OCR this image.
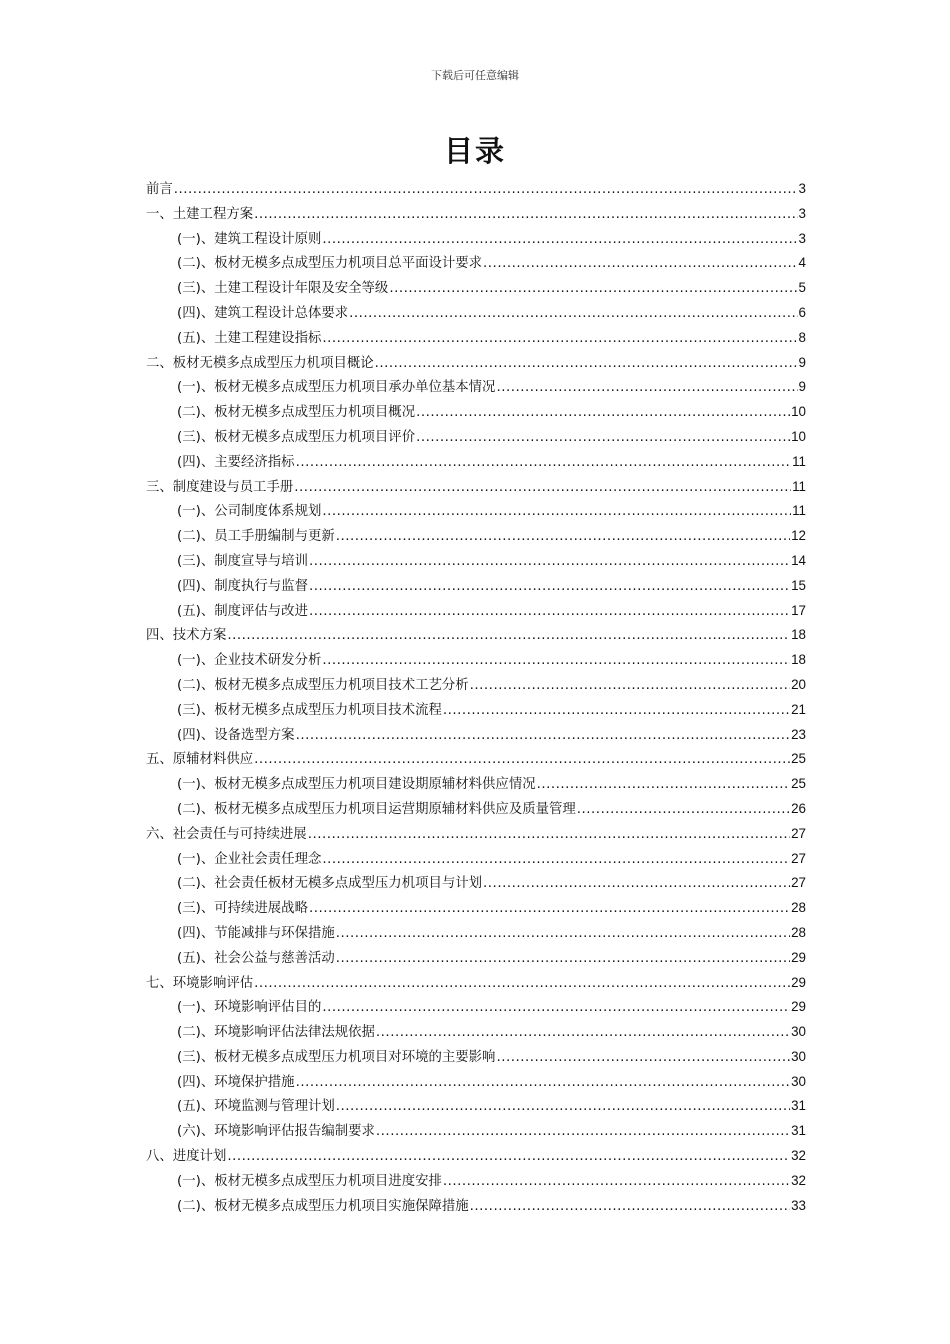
下载后可任意编辑
目录
前言 .....	3
一、土建工程方案 .....	3
(一)、建筑工程设计原则 .....	3
(二)、板材无模多点成型压力机项目总平面设计要求 .....	4
(三)、土建工程设计年限及安全等级 .....	5
(四)、建筑工程设计总体要求 .....	6
(五)、土建工程建设指标 .....	8
二、板材无模多点成型压力机项目概论 .....	9
(一)、板材无模多点成型压力机项目承办单位基本情况 .....	9
(二)、板材无模多点成型压力机项目概况 .....	10
(三)、板材无模多点成型压力机项目评价 .....	10
(四)、主要经济指标 .....	11
三、制度建设与员工手册 .....	11
(一)、公司制度体系规划 .....	11
(二)、员工手册编制与更新 .....	12
(三)、制度宣导与培训 .....	14
(四)、制度执行与监督 .....	15
(五)、制度评估与改进 .....	17
四、技术方案 .....	18
(一)、企业技术研发分析 .....	18
(二)、板材无模多点成型压力机项目技术工艺分析 .....	20
(三)、板材无模多点成型压力机项目技术流程 .....	21
(四)、设备选型方案 .....	23
五、原辅材料供应 .....	25
(一)、板材无模多点成型压力机项目建设期原辅材料供应情况 .....	25
(二)、板材无模多点成型压力机项目运营期原辅材料供应及质量管理 .....	26
六、社会责任与可持续进展 .....	27
(一)、企业社会责任理念 .....	27
(二)、社会责任板材无模多点成型压力机项目与计划 .....	27
(三)、可持续进展战略 .....	28
(四)、节能减排与环保措施 .....	28
(五)、社会公益与慈善活动 .....	29
七、环境影响评估 .....	29
(一)、环境影响评估目的 .....	29
(二)、环境影响评估法律法规依据 .....	30
(三)、板材无模多点成型压力机项目对环境的主要影响 .....	30
(四)、环境保护措施 .....	30
(五)、环境监测与管理计划 .....	31
(六)、环境影响评估报告编制要求 .....	31
八、进度计划 .....	32
(一)、板材无模多点成型压力机项目进度安排 .....	32
(二)、板材无模多点成型压力机项目实施保障措施 .....	33
